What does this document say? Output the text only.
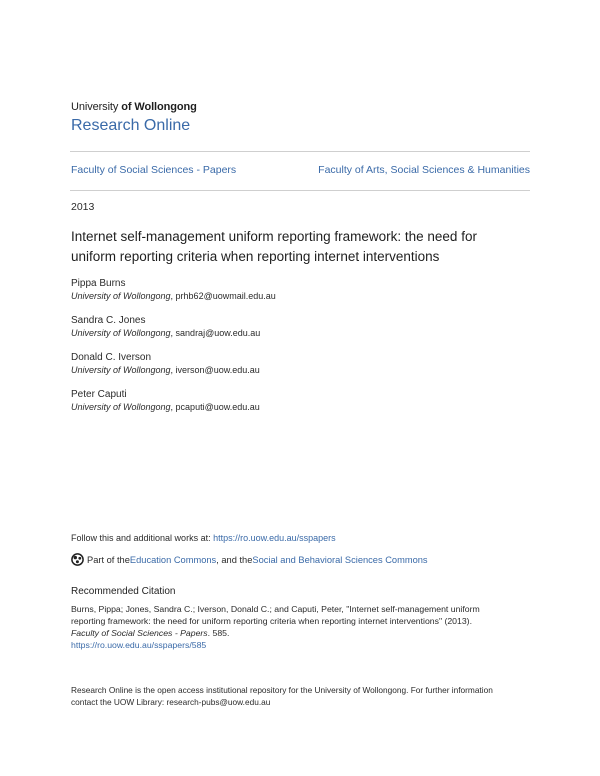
University of Wollongong
Research Online
Faculty of Social Sciences - Papers	Faculty of Arts, Social Sciences & Humanities
2013
Internet self-management uniform reporting framework: the need for
uniform reporting criteria when reporting internet interventions
Pippa Burns
University of Wollongong, prhb62@uowmail.edu.au
Sandra C. Jones
University of Wollongong, sandraj@uow.edu.au
Donald C. Iverson
University of Wollongong, iverson@uow.edu.au
Peter Caputi
University of Wollongong, pcaputi@uow.edu.au
Follow this and additional works at: https://ro.uow.edu.au/sspapers
Part of the Education Commons , and the Social and Behavioral Sciences Commons
Recommended Citation
Burns, Pippa; Jones, Sandra C.; Iverson, Donald C.; and Caputi, Peter, "Internet self-management uniform
reporting framework: the need for uniform reporting criteria when reporting internet interventions" (2013).
Faculty of Social Sciences - Papers. 585.
https://ro.uow.edu.au/sspapers/585
Research Online is the open access institutional repository for the University of Wollongong. For further information
contact the UOW Library: research-pubs@uow.edu.au
